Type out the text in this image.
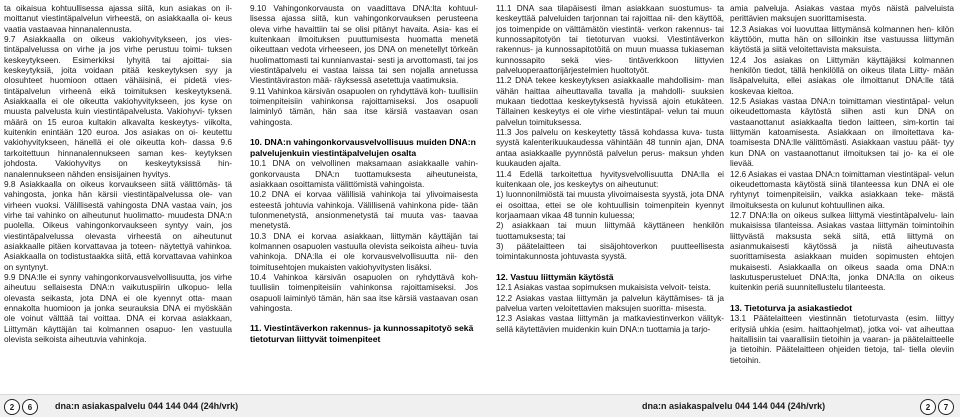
ta oikaisua kohtuullisessa ajassa siitä, kun asiakas on il- moittanut viestintäpalvelun virheestä, on asiakkaalla oi- keus vaatia vastaavaa hinnanalennusta.

9.7 Asiakkaalla on oikeus vakiohyvitykseen, jos vies- tintäpalvelussa on virhe ja jos virhe perustuu toimi- tuksen keskeytykseen. Esimerkiksi lyhyitä tai ajoittai- sia keskeytyksiä, joita voidaan pitää keskeytyksen syy ja olosuhteet huomioon ottaen vähäisinä, ei pidetä vies- tintäpalvelun virheenä eikä toimituksen keskeytyksenä. Asiakkaalla ei ole oikeutta vakiohyvitykseen, jos kyse on muusta palvelusta kuin viestintäpalvelusta. Vakiohyvi- tyksen määrä on 15 euroa kultakin alkavalta keskeytys- viikolta, kuitenkin enintään 120 euroa. Jos asiakas on oi- keutettu vakiohyvitykseen, hänellä ei ole oikeutta koh- dassa 9.6 tarkoitettuun hinnanalennukseen saman kes- keytyksen johdosta. Vakiohyvitys on keskeytyksissä hin- nanalennukseen nähden ensisijainen hyvitys.

9.8 Asiakkaalla on oikeus korvaukseen siitä välittömäs- tä vahingosta, jonka hän kärsii viestintäpalvelussa ole- van virheen vuoksi. Välillisestä vahingosta DNA vastaa vain, jos virhe tai vahinko on aiheutunut huolimatto- muudesta DNA:n puolella. Oikeus vahingonkorvaukseen syntyy vain, jos viestintäpalvelussa olevasta virheestä on aiheutunut asiakkaalle pitäen korvattavaa ja toteen- näytettyä vahinkoa. Asiakkaalla on todistustaakka siitä, että korvattavaa vahinkoa on syntynyt.

9.9 DNA:lle ei synny vahingonkorvausvelvollisuutta, jos virhe aiheutuu sellaisesta DNA:n vaikutuspiirin ulkopuo- lella olevasta seikasta, jota DNA ei ole kyennyt otta- maan ennakolta huomioon ja jonka seurauksia DNA ei myöskään ole voinut välttää tai voittaa. DNA ei korvaa asiakkaan, Liittymän käyttäjän tai kolmannen osapuo- len vastuulla olevista seikoista aiheutuvia vahinkoja.

9.10 Vahingonkorvausta on vaadittava DNA:lta kohtuul- lisessa ajassa siitä, kun vahingonkorvauksen perusteena oleva virhe havaittiin tai se olisi pitänyt havaita. Asia- kas ei kuitenkaan ilmoituksen puuttumisesta huomatta menetä oikeuttaan vedota virheeseen, jos DNA on menetellyt törkeän huolimattomasti tai kunnianvastai- sesti ja arvottomasti, tai jos viestintäpalvelu ei vastaa laissa tai sen nojalla annetussa Viestintäviraston mää- räyksessä asetettuja vaatimuksia.

9.11 Vahinkoa kärsivän osapuolen on ryhdyttävä koh- tuullisiin toimenpiteisiin vahinkonsa rajoittamiseksi. Jos osapuoli laiminlyö tämän, hän saa itse kärsiä vastaavan osan vahingosta.

10. DNA:n vahingonkorvausvelvollisuus muiden DNA:n palvelujenkuin viestintäpalvelujen osalta

10.1 DNA on velvollinen maksamaan asiakkaalle vahin- gonkorvausta DNA:n tuottamuksesta aiheutuneista, asiakkaan osoittamista välittömistä vahingoista.

10.2 DNA ei korvaa välillisiä vahinkoja tai ylivoimaisesta esteestä johtuvia vahinkoja. Välillisenä vahinkona pide- tään tulonmenetystä, ansionmenetystä tai muuta vas- taavaa menetystä.

10.3 DNA ei korvaa asiakkaan, liittymän käyttäjän tai kolmannen osapuolen vastuulla olevista seikoista aiheu- tuvia vahinkoja. DNA:lla ei ole korvausvelvollisuutta nii- den toimitusehtojen mukaisten vakiohyvitysten lisäksi.

10.4 Vahinkoa kärsivän osapuolen on ryhdyttävä koh- tuullisiin toimenpiteisiin vahinkonsa rajoittamiseksi. Jos osapuoli laiminlyö tämän, hän saa itse kärsiä vastaavan osan vahingosta.

11. Viestintäverkon rakennus- ja kunnossapitotyö sekä tietoturvan liittyvät toimenpiteet
2 6	dna:n asiakaspalvelu 044 144 044 (24h/vrk)

11.1 DNA saa tilapäisesti ilman asiakkaan suostumus- ta keskeyttää palveluiden tarjonnan tai rajoittaa nii- den käyttöä, jos toimenpide on välttämätön viestintä- verkon rakennus- tai kunnossapitotyön tai tietoturvan vuoksi. Viestintäverkon rakennus- ja kunnossapitotöitä on muun muassa tukiaseman kunnossapito sekä vies- tintäverkkoon liittyvien palveluoperaattorijärjestelmien huoltotyöt.

11.2 DNA tekee keskeytyksen asiakkaalle mahdollisim- man vähän haittaa aiheuttavalla tavalla ja mahdolli- suuksien mukaan tiedottaa keskeytyksestä hyvissä ajoin etukäteen. Tällainen keskeytys ei ole virhe viestintäpal- velun tai muun palvelun toimituksessa.

11.3 Jos palvelu on keskeytetty tässä kohdassa kuva- tusta syystä kalenterikuukaudessa vähintään 48 tunnin ajan, DNA antaa asiakkaalle pyynnöstä palvelun perus- maksun yhden kuukauden ajalta.

11.4 Edellä tarkoitettua hyvitysvelvollisuutta DNA:lla ei kuitenkaan ole, jos keskeytys on aiheutunut:

1) luonnonilmiöstä tai muusta ylivoimaisesta syystä, jota DNA ei osoittaa, ettei se ole kohtuullisin toimenpitein kyennyt korjaamaan vikaa 48 tunnin kuluessa;

2) asiakkaan tai muun liittymää käyttäneen henkilön tuottamuksesta; tai

3) päätelaitteen tai sisäjohtoverkon puutteellisesta toimintakunnosta johtuvasta syystä.

12. Vastuu liittymän käytöstä

12.1 Asiakas vastaa sopimuksen mukaisista velvoit- teista.

12.2 Asiakas vastaa liittymän ja palvelun käyttämises- tä ja palvelua varten veloitettavien maksujen suoritta- misesta.

12.3 Asiakas vastaa liittymän ja matkaviestinverkon välityk- sellä käytettävien muidenkin kuin DNA:n tuottamia ja tarjo-

amia palveluja. Asiakas vastaa myös näistä palveluista perittävien maksujen suorittamisesta.

12.3 Asiakas voi luovuttaa liittymänsä kolmannen hen- kilön käyttöön, mutta hän on silloinkin itse vastuussa liittymän käytöstä ja siitä veloitettavista maksuista.

12.4 Jos asiakas on Liittymän käyttäjäksi kolmannen henkilön tiedot, tällä henkilöllä on oikeus tilata Liitty- mään lisäpalveluita, ellei asiakas ole ilmoittanut DNA:lle tätä koskevaa kieltoa.

12.5 Asiakas vastaa DNA:n toimittaman viestintäpal- velun oikeudettomasta käytöstä siihen asti kun DNA on vastaanottanut asiakkaalta tiedon laitteen, sim-kortin tai liittymän katoamisesta. Asiakkaan on ilmoitettava ka- toamisesta DNA:lle välittömästi. Asiakkaan vastuu päät- tyy kun DNA on vastaanottanut ilmoituksen tai jo- ka ei ole lievää.

12.6 Asiakas ei vastaa DNA:n toimittaman viestintäpal- velun oikeudettomasta käytöstä siinä tilanteessa kun DNA ei ole ryhtynyt toimenpiteisiin, vaikka asiakkaan teke- mästä ilmoituksesta on kulunut kohtuullinen aika.

12.7 DNA:lla on oikeus sulkea liittymä viestintäpalvelu- lain mukaisissa tilanteissa. Asiakas vastaa liittymän toimintoihin liittyvästä maksusta sekä siitä, että liittymä on asianmukaisesti käytössä ja niistä aiheutuvasta suorittamisesta asiakkaan muiden sopimusten ehtojen mukaisesti. Asiakkaalla on oikeus saada oma DNA:n laskutusperusteluet DNA:lta, jonka DNA:lla on oikeus kuitenkin periä suunnitellustelu tilanteesta.

13. Tietoturva ja asiakastiedot

13.1 Päätelaitteen viestinnän tietoturvasta (esim. liittyy eritysiä uhkia (esim. haittaohjelmat), jotka voi- vat aiheuttaa haitallisiin tai vaarallisiin tietoihin ja vaaran- ja päätelaitteelle ja tietoihin. Päätelaitteen ohjeiden tietoja, tal- tiella oleviin tietoihin.

dna:n asiakaspalvelu 044 144 044 (24h/vrk)	2 7
